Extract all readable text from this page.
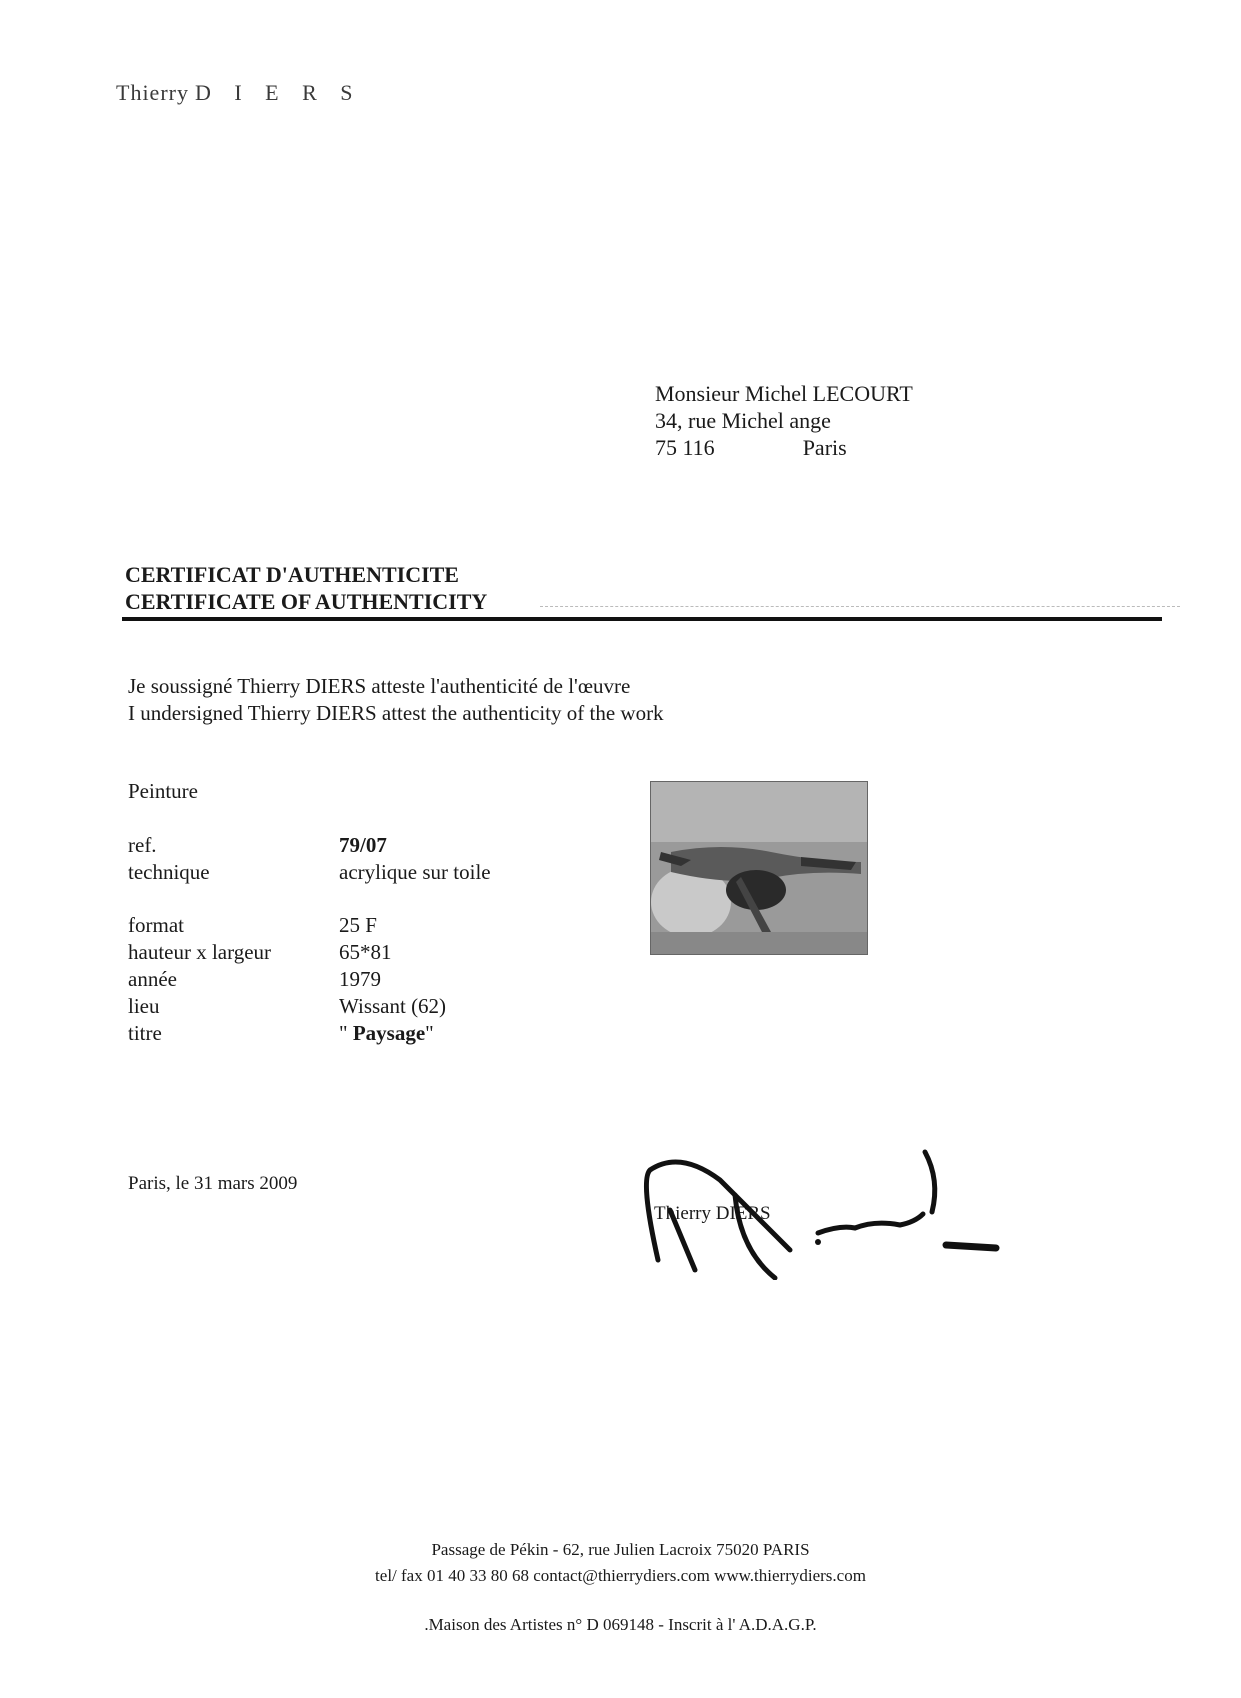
Thierry D I E R S
Monsieur Michel LECOURT
34, rue Michel ange
75 116	Paris
CERTIFICAT D'AUTHENTICITE
CERTIFICATE OF AUTHENTICITY
Je soussigné Thierry DIERS atteste l'authenticité de l'œuvre
I undersigned Thierry DIERS attest the authenticity of the work
Peinture
ref.	79/07
technique	acrylique sur toile
format	25 F
hauteur x largeur	65*81
année	1979
lieu	Wissant (62)
titre	" Paysage"
Paris, le 31 mars 2009
Thierry DIERS
Passage de Pékin - 62, rue Julien Lacroix 75020 PARIS
tel/ fax 01 40 33 80 68 contact@thierrydiers.com www.thierrydiers.com
.Maison des Artistes n° D 069148 - Inscrit à l' A.D.A.G.P.
